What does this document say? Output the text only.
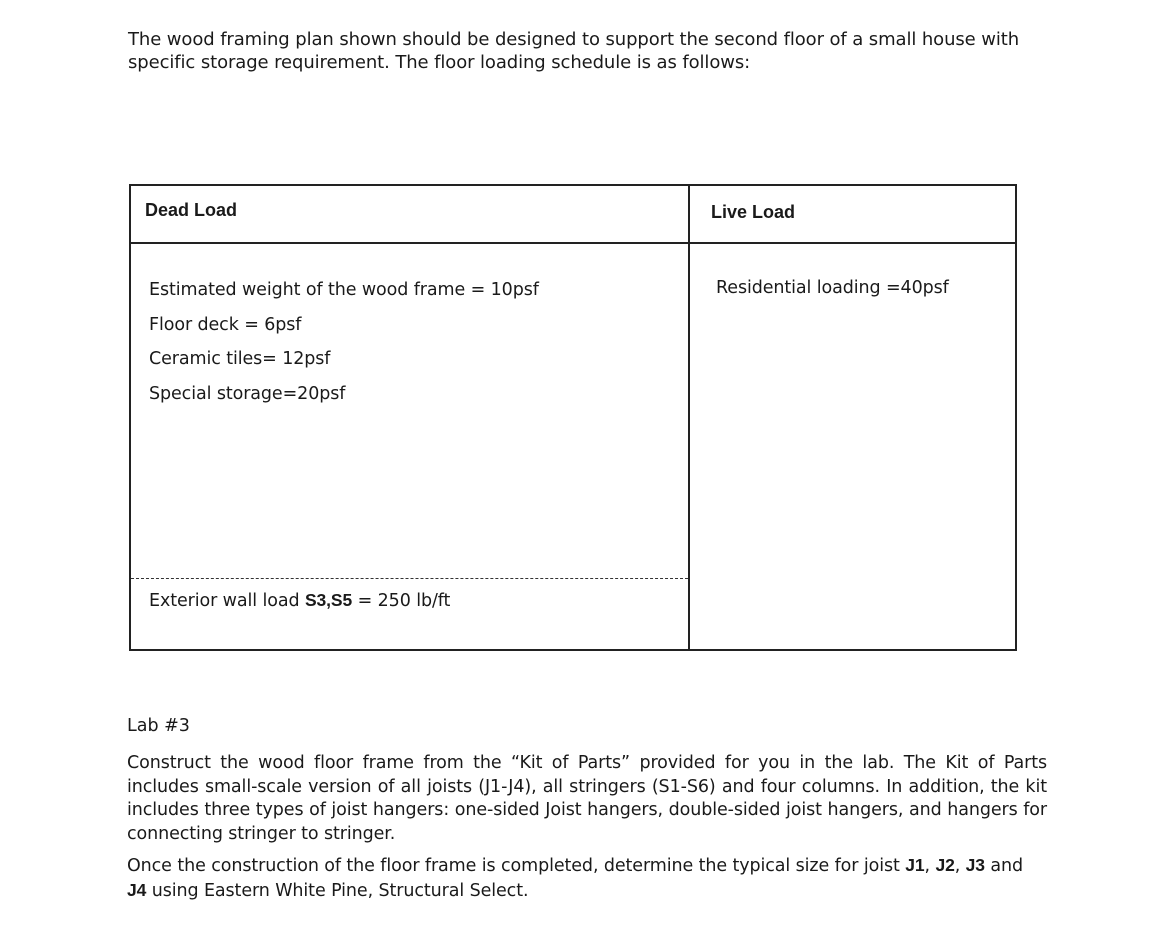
The wood framing plan shown should be designed to support the second floor of a small house with specific storage requirement. The floor loading schedule is as follows:
Dead Load	Live Load
Estimated weight of the wood frame = 10psf
Floor deck = 6psf
Ceramic tiles= 12psf
Special storage=20psf
Residential loading =40psf
Exterior wall load S3,S5 = 250 lb/ft
Lab #3

Construct the wood floor frame from the “Kit of Parts” provided for you in the lab. The Kit of Parts includes small-scale version of all joists (J1-J4), all stringers (S1-S6) and four columns. In addition, the kit includes three types of joist hangers: one-sided Joist hangers, double-sided joist hangers, and hangers for connecting stringer to stringer.

Once the construction of the floor frame is completed, determine the typical size for joist J1, J2, J3 and J4 using Eastern White Pine, Structural Select.
